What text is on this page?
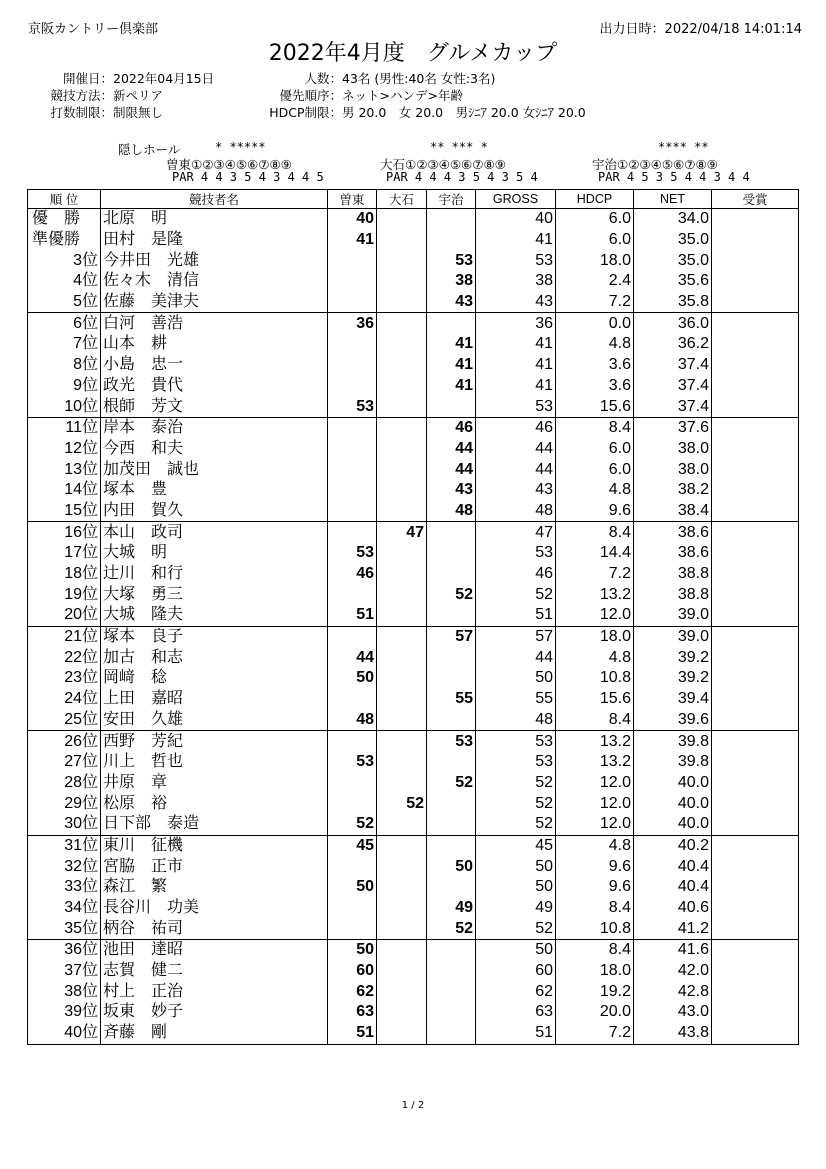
京阪カントリー倶楽部	出力日時：2022/04/18 14:01:14
2022年4月度　グルメカップ
開催日：2022年04月15日
競技方法：新ペリア
打数制限：制限無し
人数：43名 (男性:40名 女性:3名)
優先順序：ネット>ハンデ>年齢
HDCP制限：男 20.0　女 20.0　男ｼﾆｱ 20.0 女ｼﾆｱ 20.0
隠しホール	* *****
曽東①②③④⑤⑥⑦⑧⑨
PAR 4 4 3 5 4 3 4 4 5
** *** *
大石①②③④⑤⑥⑦⑧⑨
PAR 4 4 4 3 5 4 3 5 4
**** **
宇治①②③④⑤⑥⑦⑧⑨
PAR 4 5 3 5 4 4 3 4 4
順 位	競技者名	曽東	大石	宇治	GROSS	HDCP	NET	受賞
優　勝	北原　明	40			40	6.0	34.0	
準優勝	田村　是隆	41			41	6.0	35.0	
3位	今井田　光雄			53	53	18.0	35.0	
4位	佐々木　清信			38	38	2.4	35.6	
5位	佐藤　美津夫			43	43	7.2	35.8	
6位	白河　善浩	36			36	0.0	36.0	
7位	山本　耕			41	41	4.8	36.2	
8位	小島　忠一			41	41	3.6	37.4	
9位	政光　貴代			41	41	3.6	37.4	
10位	根師　芳文	53			53	15.6	37.4	
11位	岸本　泰治			46	46	8.4	37.6	
12位	今西　和夫			44	44	6.0	38.0	
13位	加茂田　誠也			44	44	6.0	38.0	
14位	塚本　豊			43	43	4.8	38.2	
15位	内田　賀久			48	48	9.6	38.4	
16位	本山　政司		47		47	8.4	38.6	
17位	大城　明	53			53	14.4	38.6	
18位	辻川　和行	46			46	7.2	38.8	
19位	大塚　勇三			52	52	13.2	38.8	
20位	大城　隆夫	51			51	12.0	39.0	
21位	塚本　良子			57	57	18.0	39.0	
22位	加古　和志	44			44	4.8	39.2	
23位	岡﨑　稔	50			50	10.8	39.2	
24位	上田　嘉昭			55	55	15.6	39.4	
25位	安田　久雄	48			48	8.4	39.6	
26位	西野　芳紀			53	53	13.2	39.8	
27位	川上　哲也	53			53	13.2	39.8	
28位	井原　章			52	52	12.0	40.0	
29位	松原　裕		52		52	12.0	40.0	
30位	日下部　泰造	52			52	12.0	40.0	
31位	東川　征機	45			45	4.8	40.2	
32位	宮脇　正市			50	50	9.6	40.4	
33位	森江　繁	50			50	9.6	40.4	
34位	長谷川　功美			49	49	8.4	40.6	
35位	柄谷　祐司			52	52	10.8	41.2	
36位	池田　達昭	50			50	8.4	41.6	
37位	志賀　健二	60			60	18.0	42.0	
38位	村上　正治	62			62	19.2	42.8	
39位	坂東　妙子	63			63	20.0	43.0	
40位	斉藤　剛	51			51	7.2	43.8	
1 / 2
